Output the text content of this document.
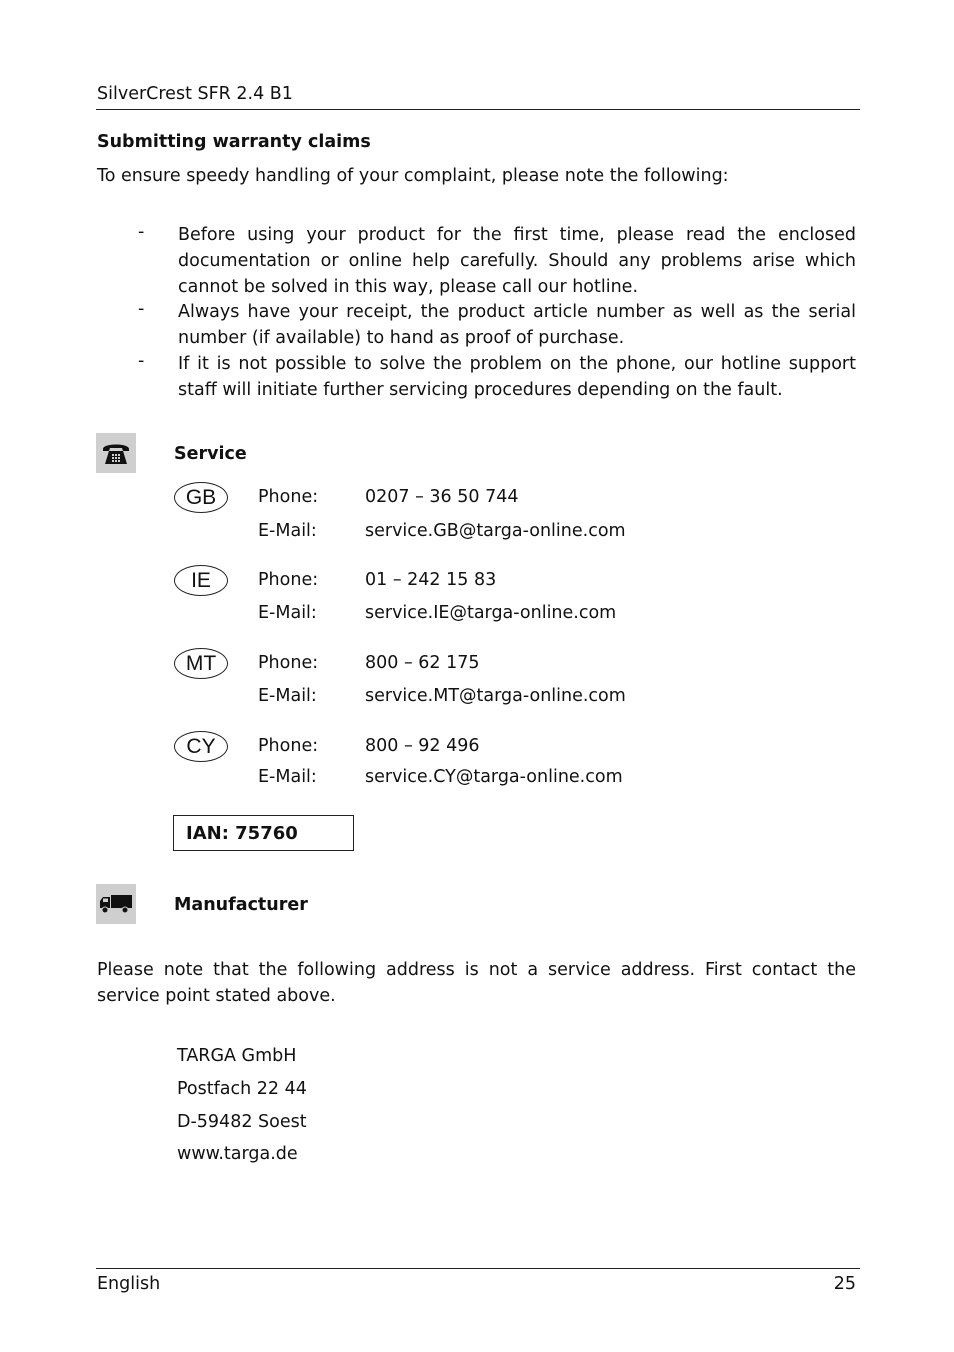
SilverCrest SFR 2.4 B1
Submitting warranty claims
To ensure speedy handling of your complaint, please note the following:
- Before using your product for the first time, please read the enclosed documentation or online help carefully. Should any problems arise which cannot be solved in this way, please call our hotline.
- Always have your receipt, the product article number as well as the serial number (if available) to hand as proof of purchase.
- If it is not possible to solve the problem on the phone, our hotline support staff will initiate further servicing procedures depending on the fault.
Service
GB	Phone:	0207 – 36 50 744
E-Mail:	service.GB@targa-online.com
IE	Phone:	01 – 242 15 83
E-Mail:	service.IE@targa-online.com
MT	Phone:	800 – 62 175
E-Mail:	service.MT@targa-online.com
CY	Phone:	800 – 92 496
E-Mail:	service.CY@targa-online.com
IAN: 75760
Manufacturer
Please note that the following address is not a service address. First contact the service point stated above.
TARGA GmbH
Postfach 22 44
D-59482 Soest
www.targa.de
English	25
